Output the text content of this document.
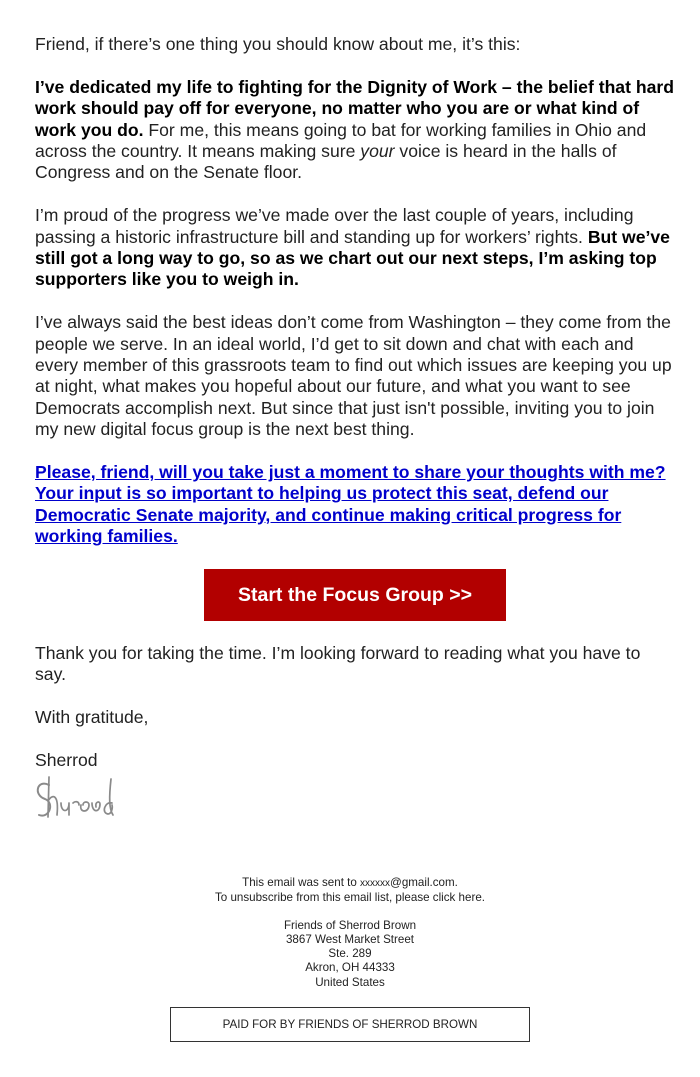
Friend, if there’s one thing you should know about me, it’s this:

I’ve dedicated my life to fighting for the Dignity of Work – the belief that hard work should pay off for everyone, no matter who you are or what kind of work you do. For me, this means going to bat for working families in Ohio and across the country. It means making sure your voice is heard in the halls of Congress and on the Senate floor.

I’m proud of the progress we’ve made over the last couple of years, including passing a historic infrastructure bill and standing up for workers’ rights. But we’ve still got a long way to go, so as we chart out our next steps, I’m asking top supporters like you to weigh in.

I’ve always said the best ideas don’t come from Washington – they come from the people we serve. In an ideal world, I’d get to sit down and chat with each and every member of this grassroots team to find out which issues are keeping you up at night, what makes you hopeful about our future, and what you want to see Democrats accomplish next. But since that just isn't possible, inviting you to join my new digital focus group is the next best thing.

Please, friend, will you take just a moment to share your thoughts with me? Your input is so important to helping us protect this seat, defend our Democratic Senate majority, and continue making critical progress for working families.

Start the Focus Group >>

Thank you for taking the time. I’m looking forward to reading what you have to say.

With gratitude,

Sherrod

This email was sent to xxxxxx@gmail.com.
To unsubscribe from this email list, please click here.

Friends of Sherrod Brown
3867 West Market Street
Ste. 289
Akron, OH 44333
United States

PAID FOR BY FRIENDS OF SHERROD BROWN
